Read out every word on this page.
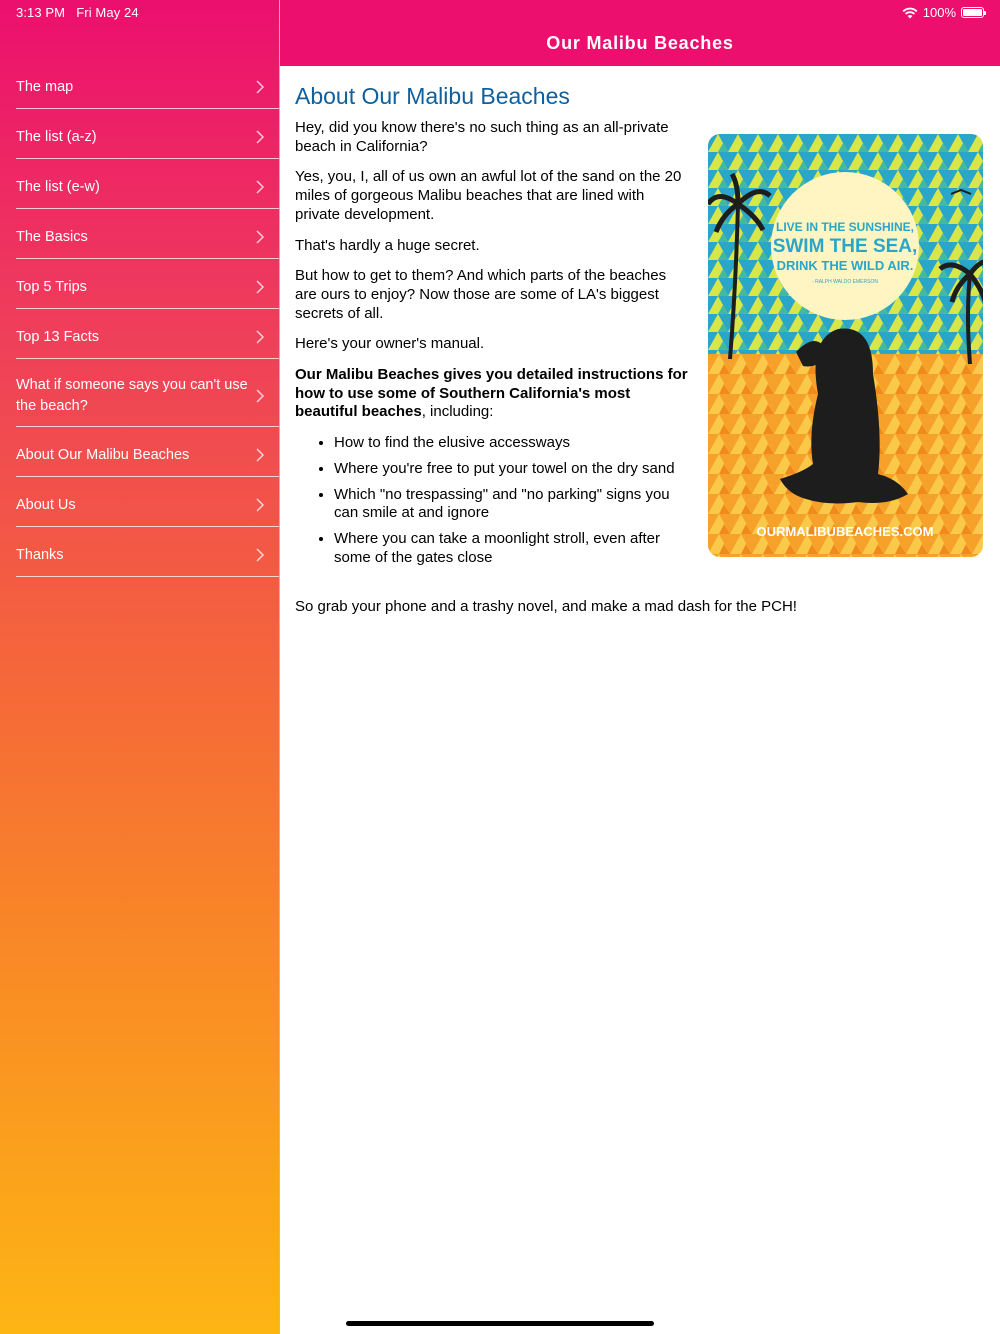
3:13 PM Fri May 24
The map
The list (a-z)
The list (e-w)
The Basics
Top 5 Trips
Top 13 Facts
What if someone says you can't use the beach?
About Our Malibu Beaches
About Us
Thanks
100%
Our Malibu Beaches
About Our Malibu Beaches
LIVE IN THE SUNSHINE,
SWIM THE SEA,
DRINK THE WILD AIR.
- RALPH WALDO EMERSON
OURMALIBUBEACHES.COM

Hey, did you know there's no such thing as an all-private beach in California?

Yes, you, I, all of us own an awful lot of the sand on the 20 miles of gorgeous Malibu beaches that are lined with private development.

That's hardly a huge secret.

But how to get to them? And which parts of the beaches are ours to enjoy? Now those are some of LA's biggest secrets of all.

Here's your owner's manual.

Our Malibu Beaches gives you detailed instructions for how to use some of Southern California's most beautiful beaches, including:

• How to find the elusive accessways
• Where you're free to put your towel on the dry sand
• Which "no trespassing" and "no parking" signs you can smile at and ignore
• Where you can take a moonlight stroll, even after some of the gates close
So grab your phone and a trashy novel, and make a mad dash for the PCH!
